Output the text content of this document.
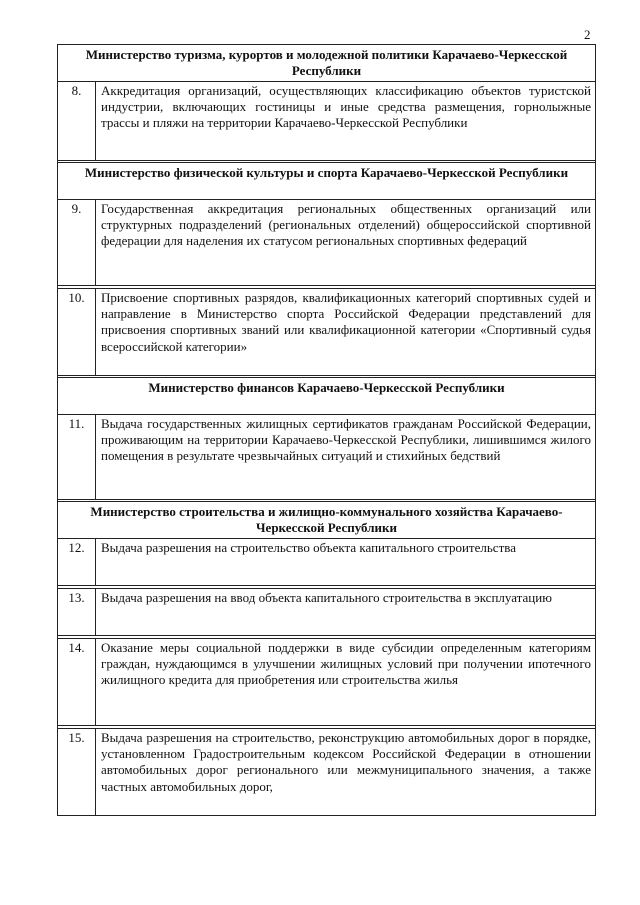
2
Министерство туризма, курортов и молодежной политики Карачаево-Черкесской Республики
8.	Аккредитация организаций, осуществляющих классификацию объектов туристской индустрии, включающих гостиницы и иные средства размещения, горнолыжные трассы и пляжи на территории Карачаево-Черкесской Республики
Министерство физической культуры и спорта Карачаево-Черкесской Республики
9.	Государственная аккредитация региональных общественных организаций или структурных подразделений (региональных отделений) общероссийской спортивной федерации для наделения их статусом региональных спортивных федераций
10.	Присвоение спортивных разрядов, квалификационных категорий спортивных судей и направление в Министерство спорта Российской Федерации представлений для присвоения спортивных званий или квалификационной категории «Спортивный судья всероссийской категории»
Министерство финансов Карачаево-Черкесской Республики
11.	Выдача государственных жилищных сертификатов гражданам Российской Федерации, проживающим на территории Карачаево-Черкесской Республики, лишившимся жилого помещения в результате чрезвычайных ситуаций и стихийных бедствий
Министерство строительства и жилищно-коммунального хозяйства Карачаево-Черкесской Республики
12.	Выдача разрешения на строительство объекта капитального строительства
13.	Выдача разрешения на ввод объекта капитального строительства в эксплуатацию
14.	Оказание меры социальной поддержки в виде субсидии определенным категориям граждан, нуждающимся в улучшении жилищных условий при получении ипотечного жилищного кредита для приобретения или строительства жилья
15.	Выдача разрешения на строительство, реконструкцию автомобильных дорог в порядке, установленном Градостроительным кодексом Российской Федерации в отношении автомобильных дорог регионального или межмуниципального значения, а также частных автомобильных дорог,
